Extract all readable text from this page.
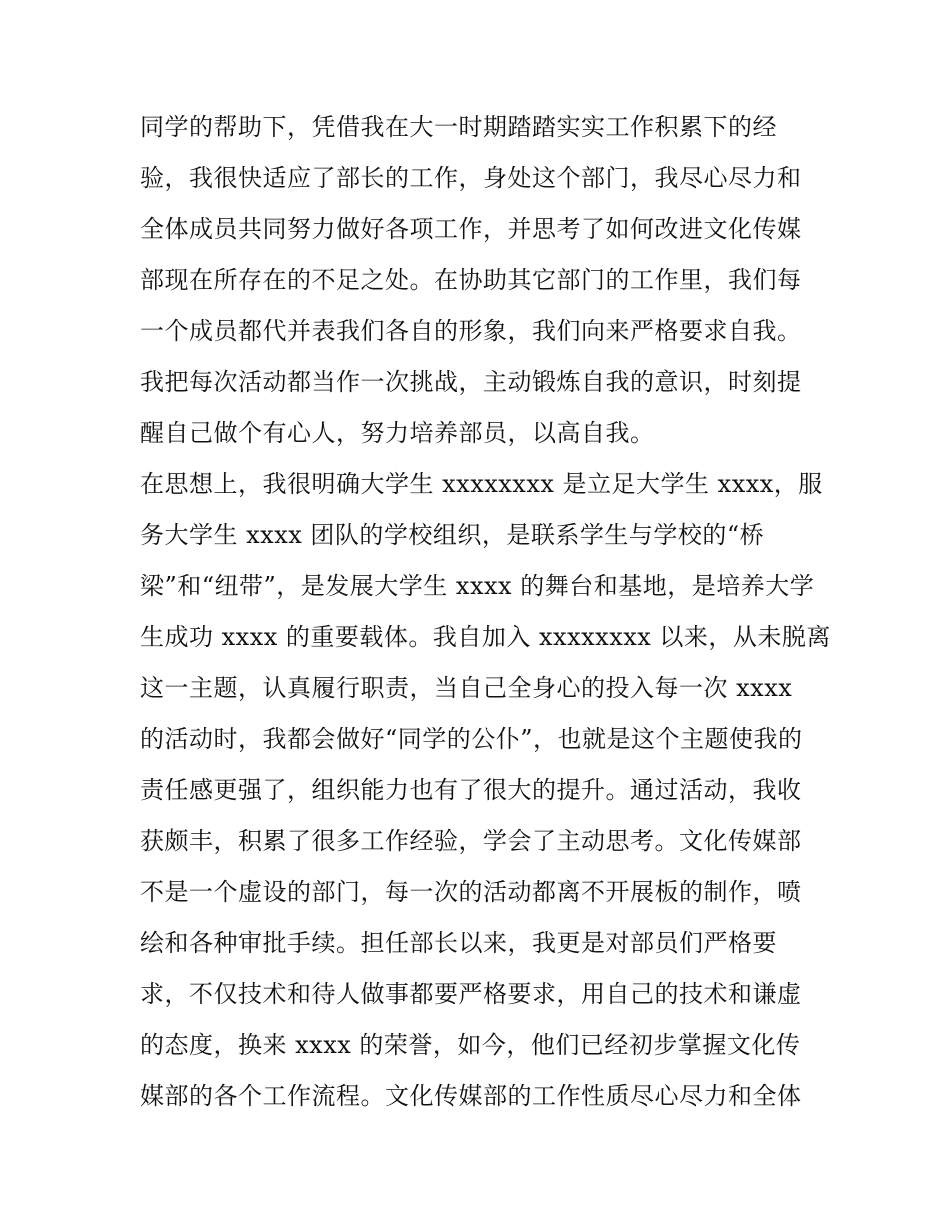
同学的帮助下，凭借我在大一时期踏踏实实工作积累下的经
验，我很快适应了部长的工作，身处这个部门，我尽心尽力和
全体成员共同努力做好各项工作，并思考了如何改进文化传媒
部现在所存在的不足之处。在协助其它部门的工作里，我们每
一个成员都代并表我们各自的形象，我们向来严格要求自我。
我把每次活动都当作一次挑战，主动锻炼自我的意识，时刻提
醒自己做个有心人，努力培养部员，以高自我。
在思想上，我很明确大学生 xxxxxxxx 是立足大学生 xxxx，服
务大学生 xxxx 团队的学校组织，是联系学生与学校的“桥
梁”和“纽带”，是发展大学生 xxxx 的舞台和基地，是培养大学
生成功 xxxx 的重要载体。我自加入 xxxxxxxx 以来，从未脱离
这一主题，认真履行职责，当自己全身心的投入每一次 xxxx
的活动时，我都会做好“同学的公仆”，也就是这个主题使我的
责任感更强了，组织能力也有了很大的提升。通过活动，我收
获颇丰，积累了很多工作经验，学会了主动思考。文化传媒部
不是一个虚设的部门，每一次的活动都离不开展板的制作，喷
绘和各种审批手续。担任部长以来，我更是对部员们严格要
求，不仅技术和待人做事都要严格要求，用自己的技术和谦虚
的态度，换来 xxxx 的荣誉，如今，他们已经初步掌握文化传
媒部的各个工作流程。文化传媒部的工作性质尽心尽力和全体
